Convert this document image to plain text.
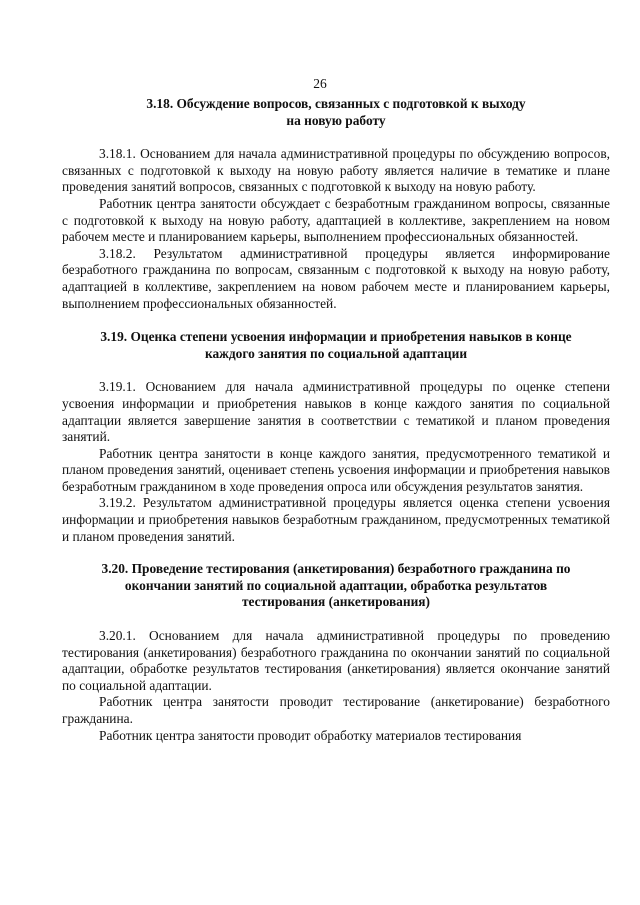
26
3.18. Обсуждение вопросов, связанных с подготовкой к выходу
на новую работу

3.18.1. Основанием для начала административной процедуры по обсуждению вопросов, связанных с подготовкой к выходу на новую работу является наличие в тематике и плане проведения занятий вопросов, связанных с подготовкой к выходу на новую работу.

Работник центра занятости обсуждает с безработным гражданином вопросы, связанные с подготовкой к выходу на новую работу, адаптацией в коллективе, закреплением на новом рабочем месте и планированием карьеры, выполнением профессиональных обязанностей.

3.18.2. Результатом административной процедуры является информирование безработного гражданина по вопросам, связанным с подготовкой к выходу на новую работу, адаптацией в коллективе, закреплением на новом рабочем месте и планированием карьеры, выполнением профессиональных обязанностей.

3.19. Оценка степени усвоения информации и приобретения навыков в конце
каждого занятия по социальной адаптации

3.19.1. Основанием для начала административной процедуры по оценке степени усвоения информации и приобретения навыков в конце каждого занятия по социальной адаптации является завершение занятия в соответствии с тематикой и планом проведения занятий.

Работник центра занятости в конце каждого занятия, предусмотренного тематикой и планом проведения занятий, оценивает степень усвоения информации и приобретения навыков безработным гражданином в ходе проведения опроса или обсуждения результатов занятия.

3.19.2. Результатом административной процедуры является оценка степени усвоения информации и приобретения навыков безработным гражданином, предусмотренных тематикой и планом проведения занятий.

3.20. Проведение тестирования (анкетирования) безработного гражданина по
окончании занятий по социальной адаптации, обработка результатов
тестирования (анкетирования)

3.20.1. Основанием для начала административной процедуры по проведению тестирования (анкетирования) безработного гражданина по окончании занятий по социальной адаптации, обработке результатов тестирования (анкетирования) является окончание занятий по социальной адаптации.

Работник центра занятости проводит тестирование (анкетирование) безработного гражданина.

Работник центра занятости проводит обработку материалов тестирования
